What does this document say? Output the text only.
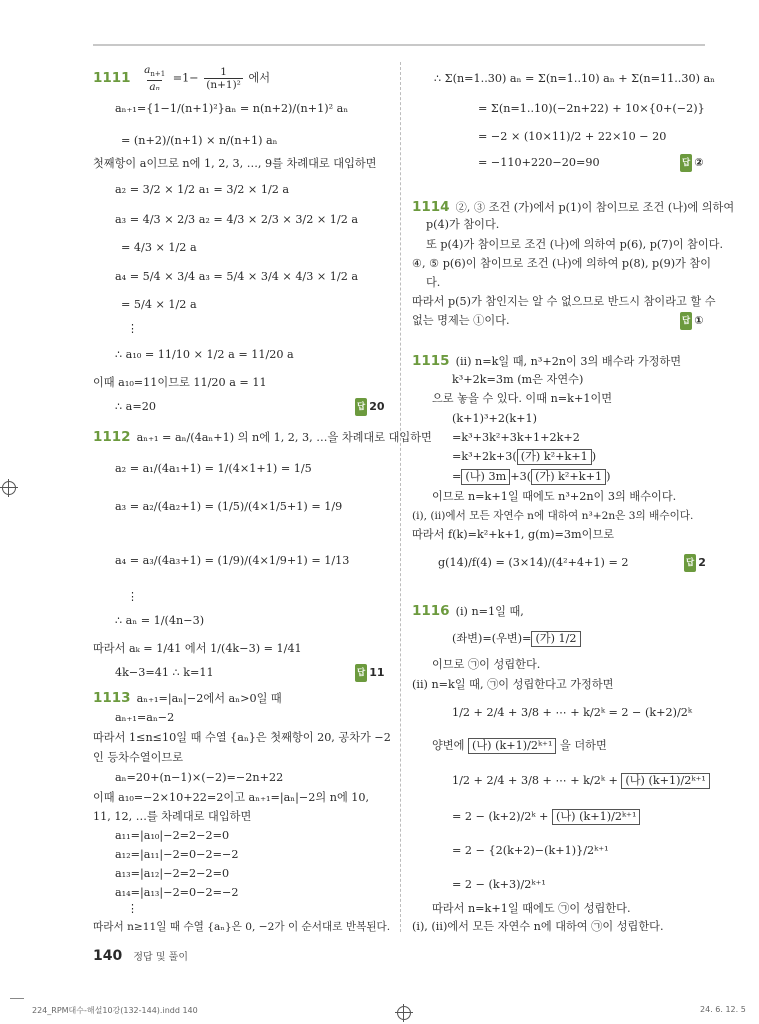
$1111 \frac{a_{n+1}}{\text{aₙ}} =1- \frac{1}{\text{(n+1)²}}$ 에서
aₙ₊₁={1−1/(n+1)²}aₙ = n(n+2)/(n+1)² aₙ
= (n+2)/(n+1) × n/(n+1) aₙ
첫째항이 a이므로 n에 1, 2, 3, …, 9를 차례대로 대입하면
a₂ = 3/2 × 1/2 a₁ = 3/2 × 1/2 a
a₃ = 4/3 × 2/3 a₂ = 4/3 × 2/3 × 3/2 × 1/2 a
= 4/3 × 1/2 a
a₄ = 5/4 × 3/4 a₃ = 5/4 × 3/4 × 4/3 × 1/2 a
= 5/4 × 1/2 a
⋮
∴ a₁₀ = 11/10 × 1/2 a = 11/20 a
이때 a₁₀=11이므로 11/20 a = 11
∴ a=20	답 20
1112 aₙ₊₁ = aₙ/(4aₙ+1) 의 n에 1, 2, 3, …을 차례대로 대입하면
a₂ = a₁/(4a₁+1) = 1/(4×1+1) = 1/5
a₃ = a₂/(4a₂+1) = (1/5)/(4×1/5+1) = 1/9
a₄ = a₃/(4a₃+1) = (1/9)/(4×1/9+1) = 1/13
⋮
∴ aₙ = 1/(4n−3)
따라서 aₖ = 1/41 에서 1/(4k−3) = 1/41
4k−3=41 ∴ k=11	답 11
1113 aₙ₊₁=|aₙ|−2에서 aₙ>0일 때
aₙ₊₁=aₙ−2
따라서 1≤n≤10일 때 수열 {aₙ}은 첫째항이 20, 공차가 −2
인 등차수열이므로
aₙ=20+(n−1)×(−2)=−2n+22
이때 a₁₀=−2×10+22=2이고 aₙ₊₁=|aₙ|−2의 n에 10,
11, 12, …를 차례대로 대입하면
a₁₁=|a₁₀|−2=2−2=0
a₁₂=|a₁₁|−2=0−2=−2
a₁₃=|a₁₂|−2=2−2=0
a₁₄=|a₁₃|−2=0−2=−2
⋮
따라서 n≥11일 때 수열 {aₙ}은 0, −2가 이 순서대로 반복된다.
∴ Σ(n=1..30) aₙ = Σ(n=1..10) aₙ + Σ(n=11..30) aₙ
= Σ(n=1..10)(−2n+22) + 10×{0+(−2)}
= −2 × (10×11)/2 + 22×10 − 20
= −110+220−20=90	답 ②
1114 ②, ③ 조건 (가)에서 p(1)이 참이므로 조건 (나)에 의하여
p(4)가 참이다.
또 p(4)가 참이므로 조건 (나)에 의하여 p(6), p(7)이 참이다.
④, ⑤ p(6)이 참이므로 조건 (나)에 의하여 p(8), p(9)가 참이
다.
따라서 p(5)가 참인지는 알 수 없으므로 반드시 참이라고 할 수
없는 명제는 ①이다.	답 ①
1115 (ii) n=k일 때, n³+2n이 3의 배수라 가정하면
k³+2k=3m (m은 자연수)
으로 놓을 수 있다. 이때 n=k+1이면
(k+1)³+2(k+1)
=k³+3k²+3k+1+2k+2
=k³+2k+3( (가) k²+k+1 )
= (나) 3m +3( (가) k²+k+1 )
이므로 n=k+1일 때에도 n³+2n이 3의 배수이다.
(i), (ii)에서 모든 자연수 n에 대하여 n³+2n은 3의 배수이다.
따라서 f(k)=k²+k+1, g(m)=3m이므로
g(14)/f(4) = (3×14)/(4²+4+1) = 2	답 2
1116 (i) n=1일 때,
(좌변)=(우변)= (가) 1/2
이므로 ㉠이 성립한다.
(ii) n=k일 때, ㉠이 성립한다고 가정하면
1/2 + 2/4 + 3/8 + ⋯ + k/2ᵏ = 2 − (k+2)/2ᵏ
양변에 (나) (k+1)/2ᵏ⁺¹ 을 더하면
1/2 + 2/4 + 3/8 + ⋯ + k/2ᵏ + (나) (k+1)/2ᵏ⁺¹
= 2 − (k+2)/2ᵏ + (나) (k+1)/2ᵏ⁺¹
= 2 − {2(k+2)−(k+1)}/2ᵏ⁺¹
= 2 − (k+3)/2ᵏ⁺¹
따라서 n=k+1일 때에도 ㉠이 성립한다.
(i), (ii)에서 모든 자연수 n에 대하여 ㉠이 성립한다.
140 정답 및 풀이
224_RPM대수-해설10강(132-144).indd 140	24. 6. 12. 5
